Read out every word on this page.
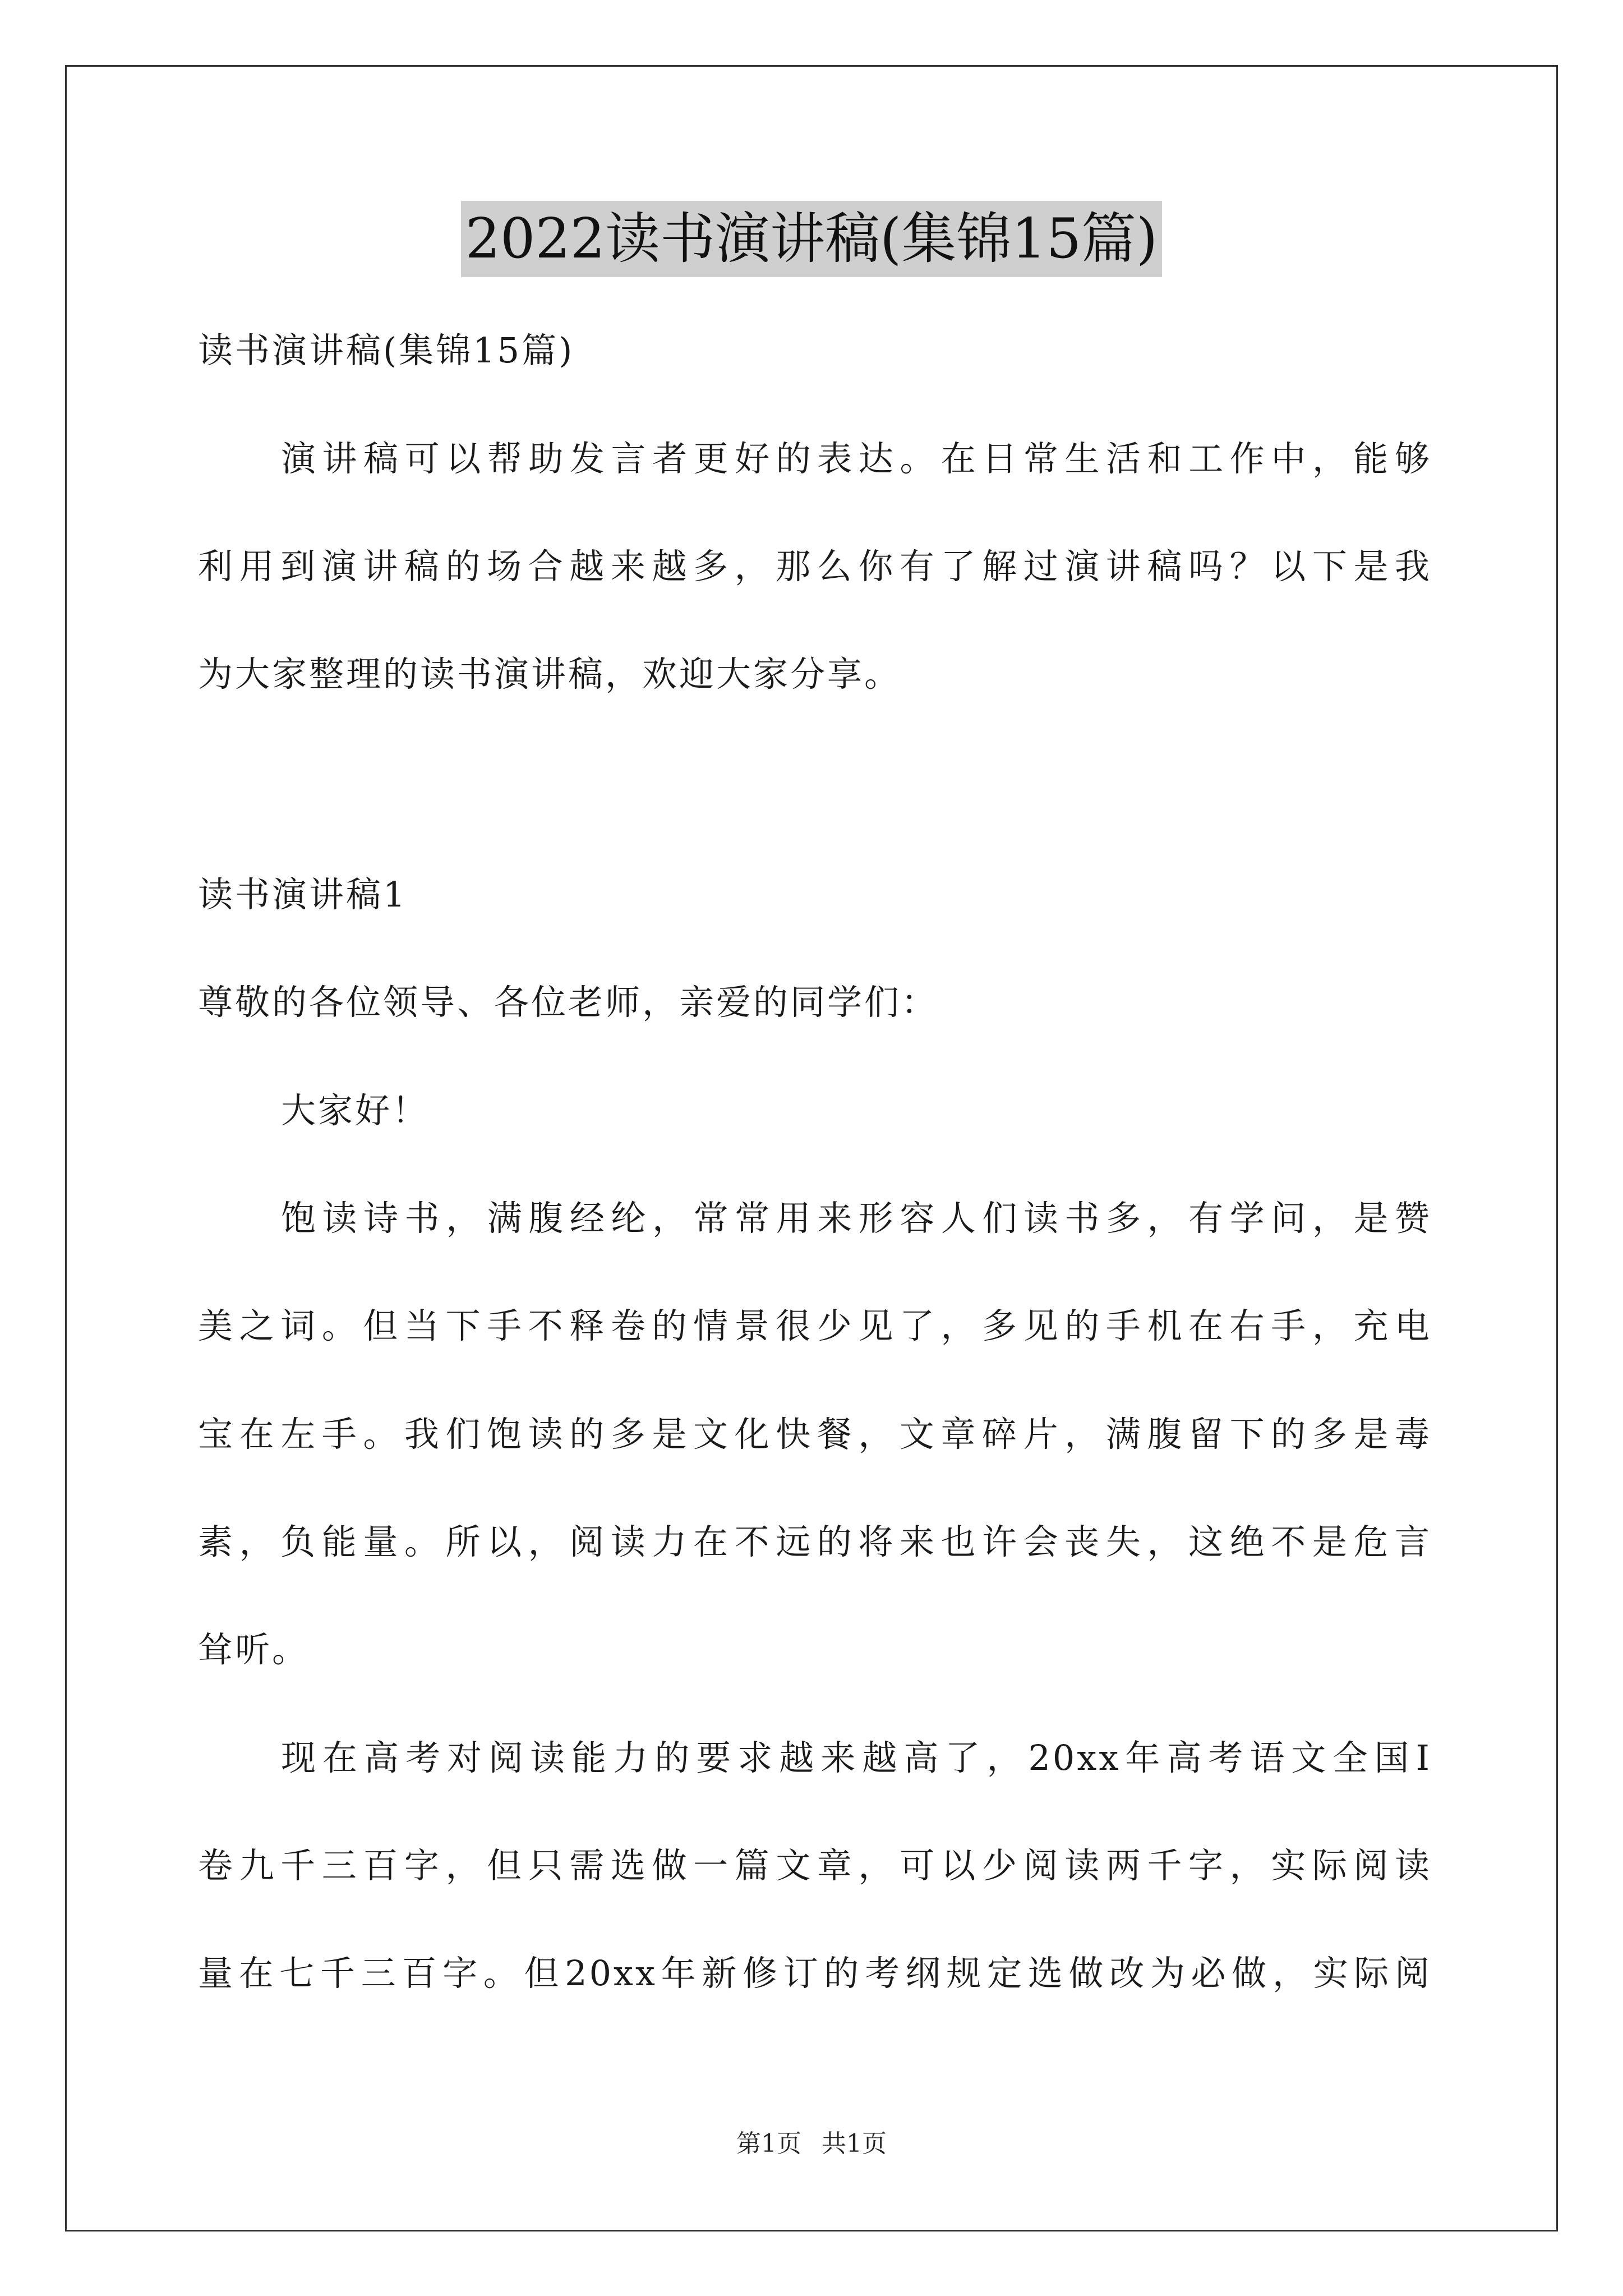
2022读书演讲稿(集锦15篇)
读书演讲稿(集锦15篇)
演讲稿可以帮助发言者更好的表达。在日常生活和工作中，能够
利用到演讲稿的场合越来越多，那么你有了解过演讲稿吗？以下是我
为大家整理的读书演讲稿，欢迎大家分享。
读书演讲稿1
尊敬的各位领导、各位老师，亲爱的同学们：
大家好！
饱读诗书，满腹经纶，常常用来形容人们读书多，有学问，是赞
美之词。但当下手不释卷的情景很少见了，多见的手机在右手，充电
宝在左手。我们饱读的多是文化快餐，文章碎片，满腹留下的多是毒
素，负能量。所以，阅读力在不远的将来也许会丧失，这绝不是危言
耸听。
现在高考对阅读能力的要求越来越高了，20xx年高考语文全国Ⅰ
卷九千三百字，但只需选做一篇文章，可以少阅读两千字，实际阅读
量在七千三百字。但20xx年新修订的考纲规定选做改为必做，实际阅
第1页 共1页
